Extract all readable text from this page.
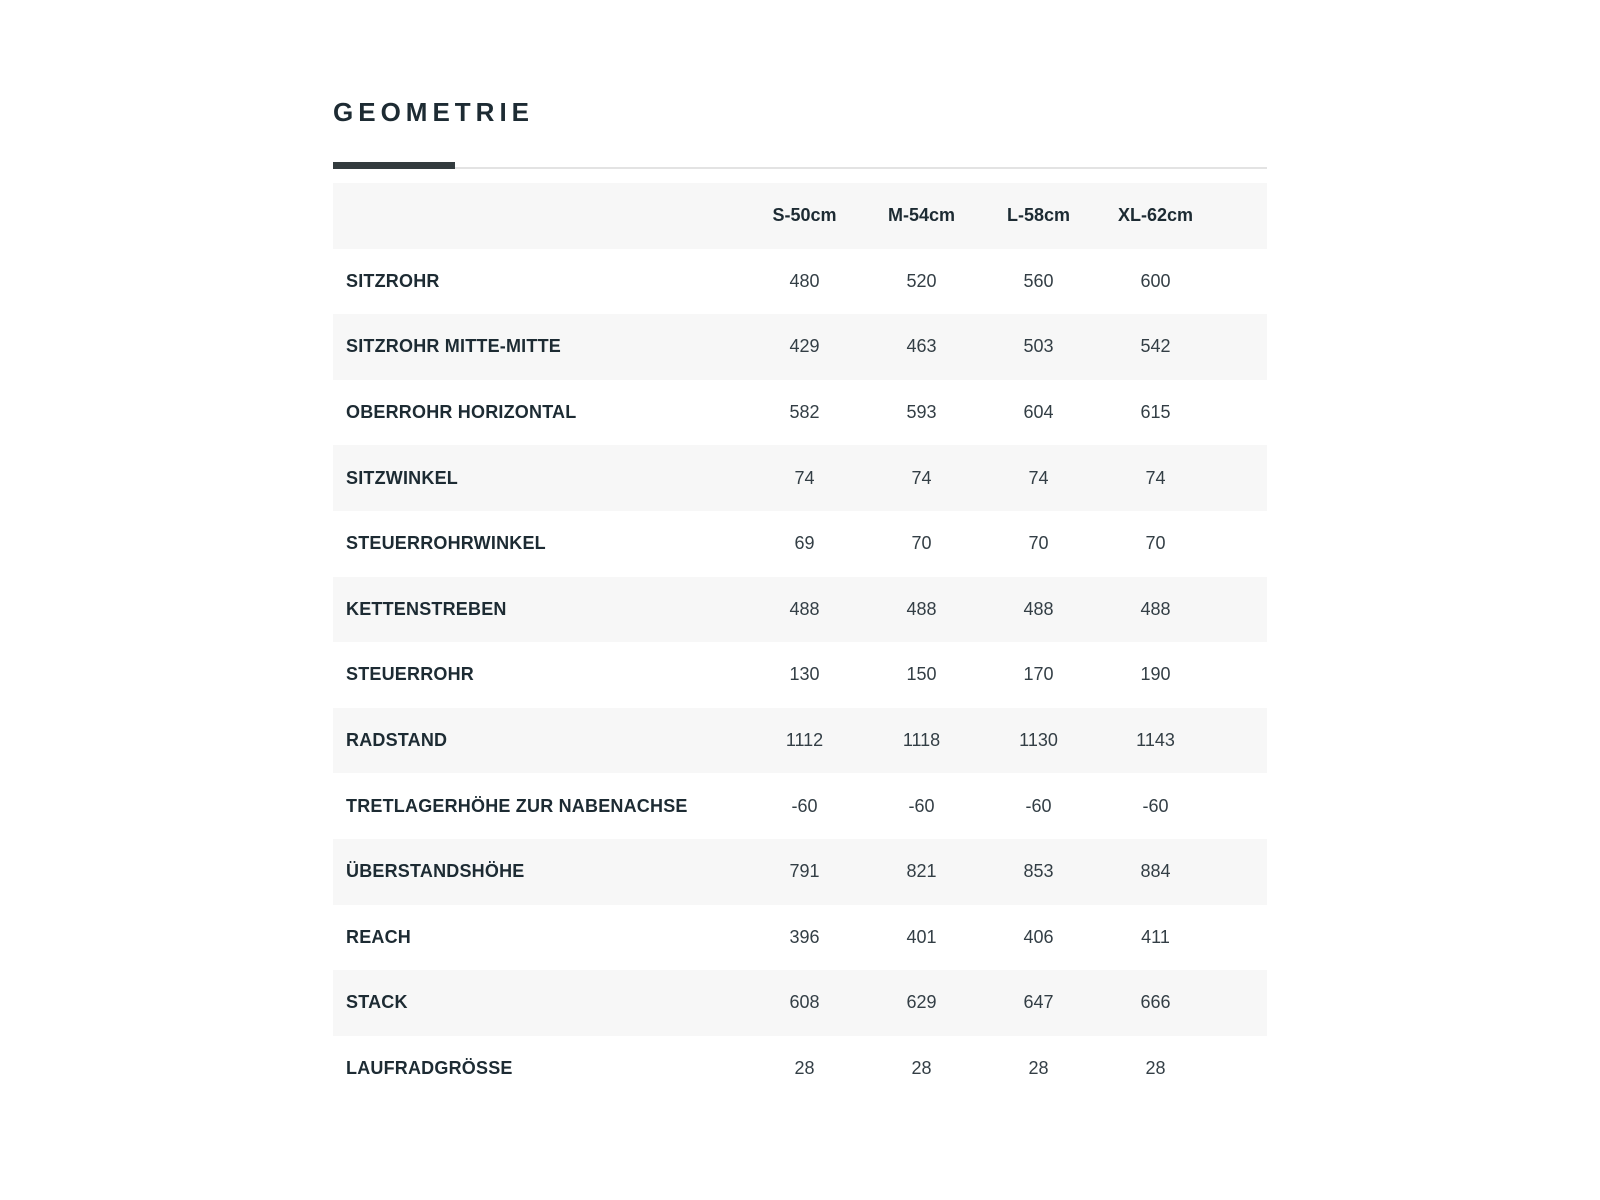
GEOMETRIE
S-50cm	M-54cm	L-58cm	XL-62cm
SITZROHR	480	520	560	600
SITZROHR MITTE-MITTE	429	463	503	542
OBERROHR HORIZONTAL	582	593	604	615
SITZWINKEL	74	74	74	74
STEUERROHRWINKEL	69	70	70	70
KETTENSTREBEN	488	488	488	488
STEUERROHR	130	150	170	190
RADSTAND	1112	1118	1130	1143
TRETLAGERHÖHE ZUR NABENACHSE	-60	-60	-60	-60
ÜBERSTANDSHÖHE	791	821	853	884
REACH	396	401	406	411
STACK	608	629	647	666
LAUFRADGRÖSSE	28	28	28	28
